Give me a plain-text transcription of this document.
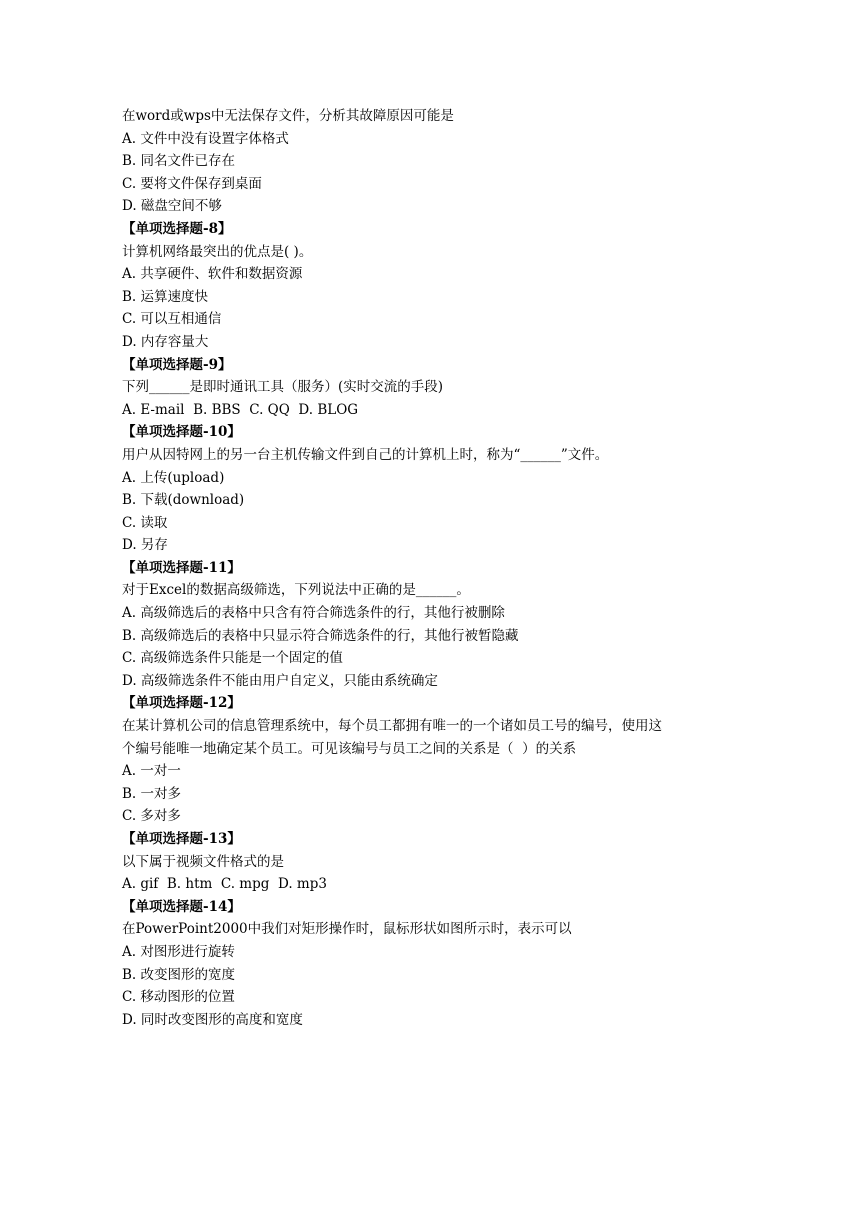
在word或wps中无法保存文件，分析其故障原因可能是
A. 文件中没有设置字体格式
B. 同名文件已存在
C. 要将文件保存到桌面
D. 磁盘空间不够
【单项选择题-8】
计算机网络最突出的优点是( )。
A. 共享硬件、软件和数据资源
B. 运算速度快
C. 可以互相通信
D. 内存容量大
【单项选择题-9】
下列______是即时通讯工具（服务）(实时交流的手段)
A. E-mail  B. BBS  C. QQ  D. BLOG
【单项选择题-10】
用户从因特网上的另一台主机传输文件到自己的计算机上时，称为“______”文件。
A. 上传(upload)
B. 下载(download)
C. 读取
D. 另存
【单项选择题-11】
对于Excel的数据高级筛选，下列说法中正确的是______。
A. 高级筛选后的表格中只含有符合筛选条件的行，其他行被删除
B. 高级筛选后的表格中只显示符合筛选条件的行，其他行被暂隐藏
C. 高级筛选条件只能是一个固定的值
D. 高级筛选条件不能由用户自定义，只能由系统确定
【单项选择题-12】
在某计算机公司的信息管理系统中，每个员工都拥有唯一的一个诸如员工号的编号，使用这
个编号能唯一地确定某个员工。可见该编号与员工之间的关系是（  ）的关系
A. 一对一
B. 一对多
C. 多对多
【单项选择题-13】
以下属于视频文件格式的是
A. gif  B. htm  C. mpg  D. mp3
【单项选择题-14】
在PowerPoint2000中我们对矩形操作时，鼠标形状如图所示时，表示可以
A. 对图形进行旋转
B. 改变图形的宽度
C. 移动图形的位置
D. 同时改变图形的高度和宽度
